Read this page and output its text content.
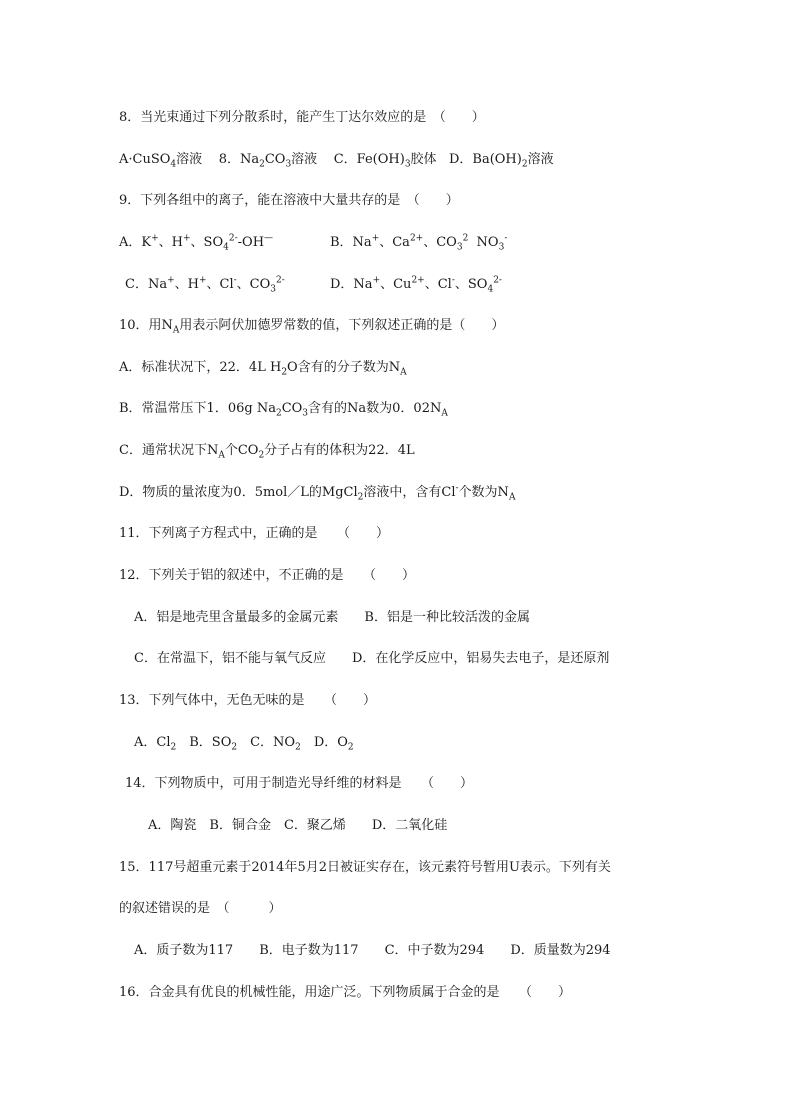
8．当光束通过下列分散系时，能产生丁达尔效应的是　（　　）
A·CuSO$_4$溶液 8．$Na_2CO_3$溶液 C．$Fe(OH)_3$胶体 D．$Ba(OH)_2$溶液
9．下列各组中的离子，能在溶液中大量共存的是　（　　）
A．K+、H+、$SO_4^{2-}-OH^—$	B．Na+、$Ca^{2+}$、$CO_3^2$  $NO_3^-$
C．Na+、H+、Cl-、$CO_3^{2-}$	D．Na+、$Cu^{2+}$、Cl-、$SO_4^{2-}$
10．用$N_A$用表示阿伏加德罗常数的值，下列叙述正确的是（　　）
A．标准状况下，22．4L $H_2O$含有的分子数为$N_A$
B．常温常压下1．06g $Na_2CO_3$含有的Na数为0．$02N_A$
C．通常状况下$N_A$个$CO_2$分子占有的体积为22．4L
D．物质的量浓度为0．5mol／L的MgCl$_2$溶液中，含有Cl-个数为$N_A$
11．下列离子方程式中，正确的是　　（　　）
12．下列关于铝的叙述中，不正确的是　　（　　）
A．铝是地壳里含量最多的金属元素　　B．铝是一种比较活泼的金属
C．在常温下，铝不能与氧气反应　　D．在化学反应中，铝易失去电子，是还原剂
13．下列气体中，无色无味的是　　（　　）
A．$Cl_2$　B．$SO_2$　C．$NO_2$　D．$O_2$
14．下列物质中，可用于制造光导纤维的材料是　　（　　）
A．陶瓷　B．铜合金　C．聚乙烯　　D．二氧化硅
15．117号超重元素于2014年5月2日被证实存在，该元素符号暂用U表示。下列有关
的叙述错误的是　（　　　）
A．质子数为117　　B．电子数为117　　C．中子数为294　　D．质量数为294
16．合金具有优良的机械性能，用途广泛。下列物质属于合金的是　　（　　）
